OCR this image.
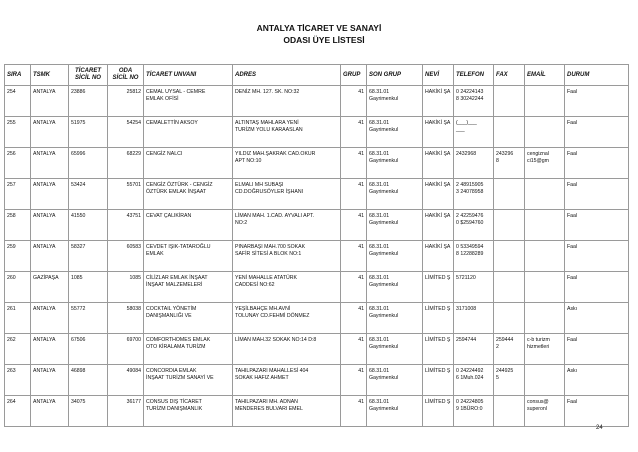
ANTALYA TİCARET VE SANAYİ
ODASI ÜYE LİSTESİ
SIRA	TSMK	TİCARET
SİCİL NO	ODA
SİCİL NO	TİCARET UNVANI	ADRES	GRUP	SON GRUP	NEVİ	TELEFON	FAX	EMAİL	DURUM
254	ANTALYA	23886	25812	CEMAL UYSAL - CEMRE
EMLAK OFİSİ	DENİZ MH. 127. SK. NO:32	41	68.31.01
Gayrimenkul	HAKİKİ ŞA	0 24224143
8 30242244			Faal
255	ANTALYA	51975	54254	CEMALETTİN AKSOY	ALTINTAŞ MAHLARA YENİ
TURİZM YOLU KARAASLAN	41	68.31.01
Gayrimenkul	HAKİKİ ŞA	(___)___
___			Faal
256	ANTALYA	65996	68229	CENGİZ NALCI	YILDIZ MAH.ŞAKRAK CAD.OKUR
APT NO:10	41	68.31.01
Gayrimenkul	HAKİKİ ŞA	2432968	243296
8	cengiznal
ci15@gm	Faal
257	ANTALYA	53424	55701	CENGİZ ÖZTÜRK - CENGİZ
ÖZTÜRK EMLAK İNŞAAT	ELMALI MH SUBAŞI
CD.DOĞRUSÖYLER İŞHANI	41	68.31.01
Gayrimenkul	HAKİKİ ŞA	2 48915905
3 24078958			Faal
258	ANTALYA	41550	43751	CEVAT ÇALIKİRAN	LİMAN MAH. 1.CAD. AYVALI APT.
NO:2	41	68.31.01
Gayrimenkul	HAKİKİ ŞA	2 42259476
0 $2594760			Faal
259	ANTALYA	58327	60583	CEVDET IŞIK-TATAROĞLU
EMLAK	PINARBAŞI MAH.700 SOKAK
SAFİR SİTESİ A BLOK NO:1	41	68.31.01
Gayrimenkul	HAKİKİ ŞA	0 53349594
8 12288289			Faal
260	GAZİPAŞA	1085	1085	CİLİZLAR EMLAK İNŞAAT
İNŞAAT MALZEMELERİ	YENİ MAHALLE ATATÜRK
CADDESİ NO:62	41	68.31.01
Gayrimenkul	LİMİTED Ş	5721120			Faal
261	ANTALYA	55772	58038	COCKTAIL YÖNETİM
DANIŞMANLIĞI VE	YEŞİLBAHÇE MH.AVNİ
TOLUNAY CD.FEHMİ DÖNMEZ	41	68.31.01
Gayrimenkul	LİMİTED Ş	3171008			Askı
262	ANTALYA	67506	69700	COMFORTHOMES EMLAK
OTO KİRALAMA TURİZM	LİMAN MAH.32 SOKAK NO:14 D:8	41	68.31.01
Gayrimenkul	LİMİTED Ş	2594744	259444
2	c-b turizm
hizmetleri	Faal
263	ANTALYA	46898	49084	CONCORDIA EMLAK
İNŞAAT TURİZM SANAYİ VE	TAHILPAZARI MAHALLESİ 404
SOKAK HAFIZ AHMET	41	68.31.01
Gayrimenkul	LİMİTED Ş	0 24224492
6 1Muh.024	244925
5		Askı
264	ANTALYA	34075	36177	CONSUS DIŞ TİCARET
TURİZM DANIŞMANLIK	TAHILPAZARI MH. ADNAN
MENDERES BULVARI EMEL	41	68.31.01
Gayrimenkul	LİMİTED Ş	0 24224805
9 1BÜRO:0		consus@
superonl	Faal
24
